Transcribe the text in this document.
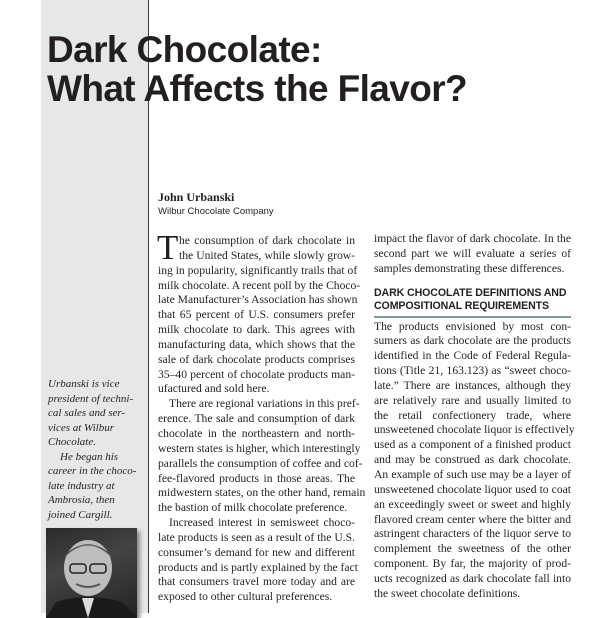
Dark Chocolate:
What Affects the Flavor?
John Urbanski
Wilbur Chocolate Company
Urbanski is vice
president of techni-
cal sales and ser-
vices at Wilbur
Chocolate.
He began his
career in the choco-
late industry at
Ambrosia, then
joined Cargill.
T he consumption of dark chocolate in
the United States, while slowly grow-
ing in popularity, significantly trails that of
milk chocolate. A recent poll by the Choco-
late Manufacturer’s Association has shown
that 65 percent of U.S. consumers prefer
milk chocolate to dark. This agrees with
manufacturing data, which shows that the
sale of dark chocolate products comprises
35–40 percent of chocolate products man-
ufactured and sold here.
There are regional variations in this pref-
erence. The sale and consumption of dark
chocolate in the northeastern and north-
western states is higher, which interestingly
parallels the consumption of coffee and cof-
fee-flavored products in those areas. The
midwestern states, on the other hand, remain
the bastion of milk chocolate preference.
Increased interest in semisweet choco-
late products is seen as a result of the U.S.
consumer’s demand for new and different
products and is partly explained by the fact
that consumers travel more today and are
exposed to other cultural preferences.
impact the flavor of dark chocolate. In the
second part we will evaluate a series of
samples demonstrating these differences.
DARK CHOCOLATE DEFINITIONS AND
COMPOSITIONAL REQUIREMENTS
The products envisioned by most con-
sumers as dark chocolate are the products
identified in the Code of Federal Regula-
tions (Title 21, 163.123) as “sweet choco-
late.” There are instances, although they
are relatively rare and usually limited to
the retail confectionery trade, where
unsweetened chocolate liquor is effectively
used as a component of a finished product
and may be construed as dark chocolate.
An example of such use may be a layer of
unsweetened chocolate liquor used to coat
an exceedingly sweet or sweet and highly
flavored cream center where the bitter and
astringent characters of the liquor serve to
complement the sweetness of the other
component. By far, the majority of prod-
ucts recognized as dark chocolate fall into
the sweet chocolate definitions.
